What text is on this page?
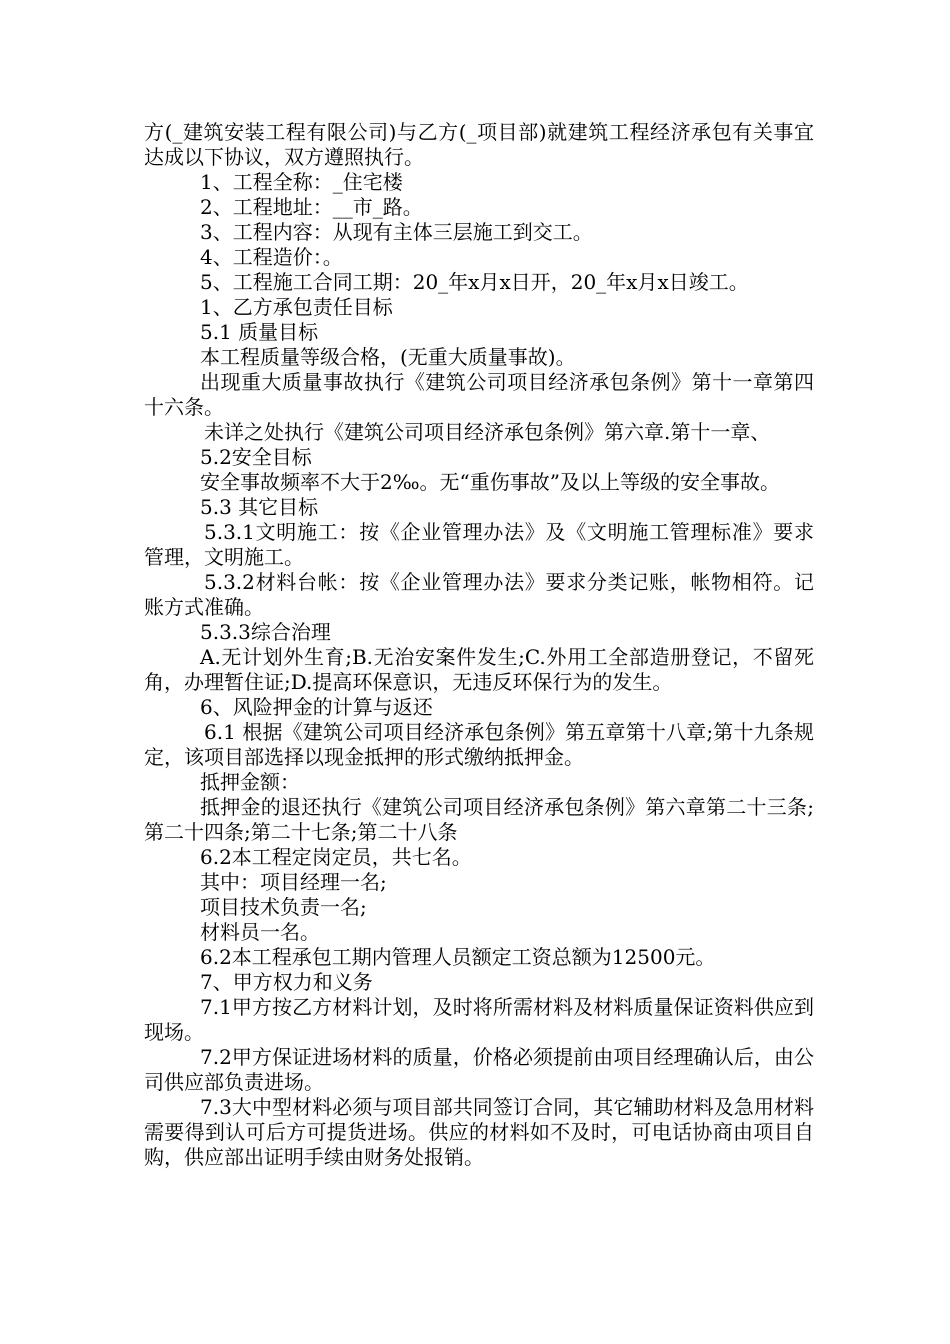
方(_建筑安装工程有限公司)与乙方(_项目部)就建筑工程经济承包有关事宜达成以下协议，双方遵照执行。

1、工程全称：_住宅楼

2、工程地址：__市_路。

3、工程内容：从现有主体三层施工到交工。

4、工程造价：。

5、工程施工合同工期：20_年x月x日开，20_年x月x日竣工。

1、乙方承包责任目标

5.1 质量目标

本工程质量等级合格，(无重大质量事故)。

出现重大质量事故执行《建筑公司项目经济承包条例》第十一章第四十六条。

未详之处执行《建筑公司项目经济承包条例》第六章.第十一章、

5.2安全目标

安全事故频率不大于2‰。无“重伤事故”及以上等级的安全事故。

5.3 其它目标

5.3.1文明施工：按《企业管理办法》及《文明施工管理标准》要求管理，文明施工。

5.3.2材料台帐：按《企业管理办法》要求分类记账，帐物相符。记账方式准确。

5.3.3综合治理

A.无计划外生育;B.无治安案件发生;C.外用工全部造册登记，不留死角，办理暂住证;D.提高环保意识，无违反环保行为的发生。

6、风险押金的计算与返还

6.1 根据《建筑公司项目经济承包条例》第五章第十八章;第十九条规定，该项目部选择以现金抵押的形式缴纳抵押金。

抵押金额：

抵押金的退还执行《建筑公司项目经济承包条例》第六章第二十三条;第二十四条;第二十七条;第二十八条

6.2本工程定岗定员，共七名。

其中：项目经理一名;

项目技术负责一名;

材料员一名。

6.2本工程承包工期内管理人员额定工资总额为12500元。

7、甲方权力和义务

7.1甲方按乙方材料计划，及时将所需材料及材料质量保证资料供应到现场。

7.2甲方保证进场材料的质量，价格必须提前由项目经理确认后，由公司供应部负责进场。

7.3大中型材料必须与项目部共同签订合同，其它辅助材料及急用材料需要得到认可后方可提货进场。供应的材料如不及时，可电话协商由项目自购，供应部出证明手续由财务处报销。
